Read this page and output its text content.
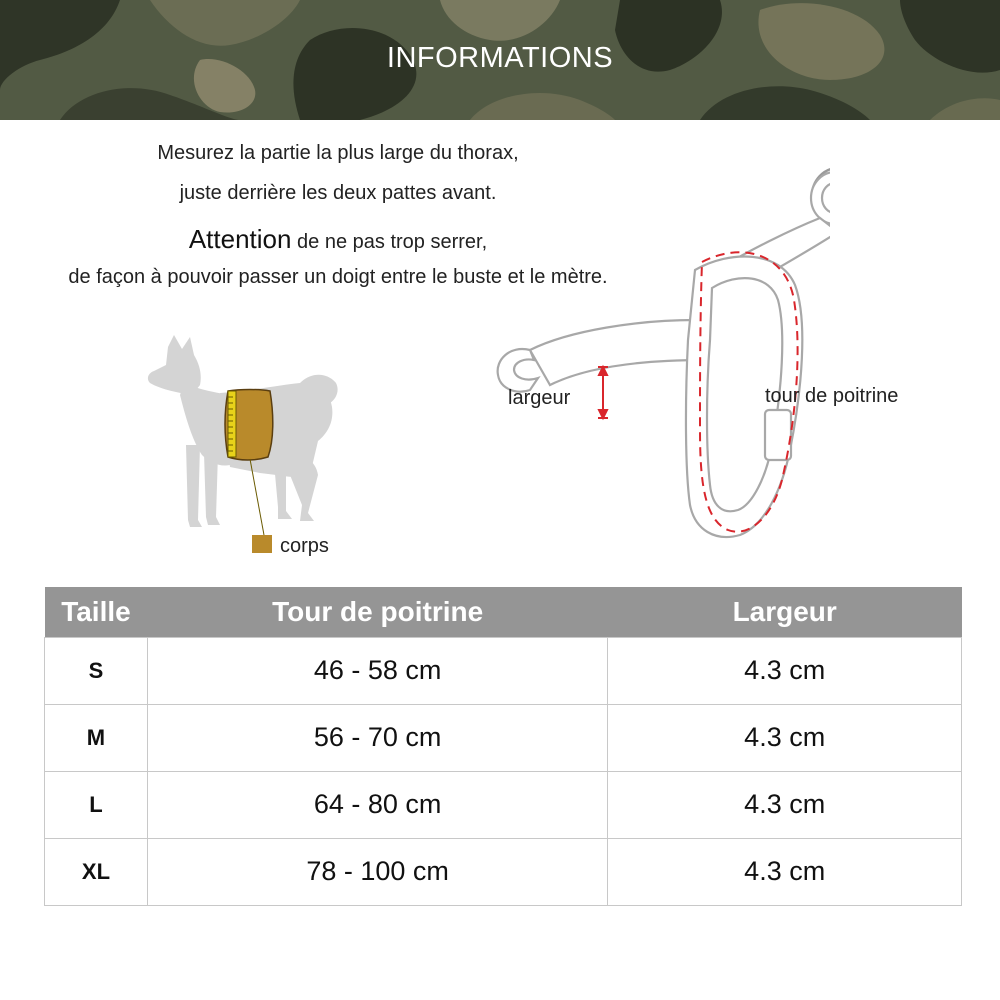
INFORMATIONS
Mesurez la partie la plus large du thorax,
juste derrière les deux pattes avant.
Attention de ne pas trop serrer,
de façon à pouvoir passer un doigt entre le buste et le mètre.
corps
largeur	tour de poitrine
Taille	Tour de poitrine	Largeur
S	46 - 58 cm	4.3 cm
M	56 - 70 cm	4.3 cm
L	64 - 80 cm	4.3 cm
XL	78 - 100 cm	4.3 cm
